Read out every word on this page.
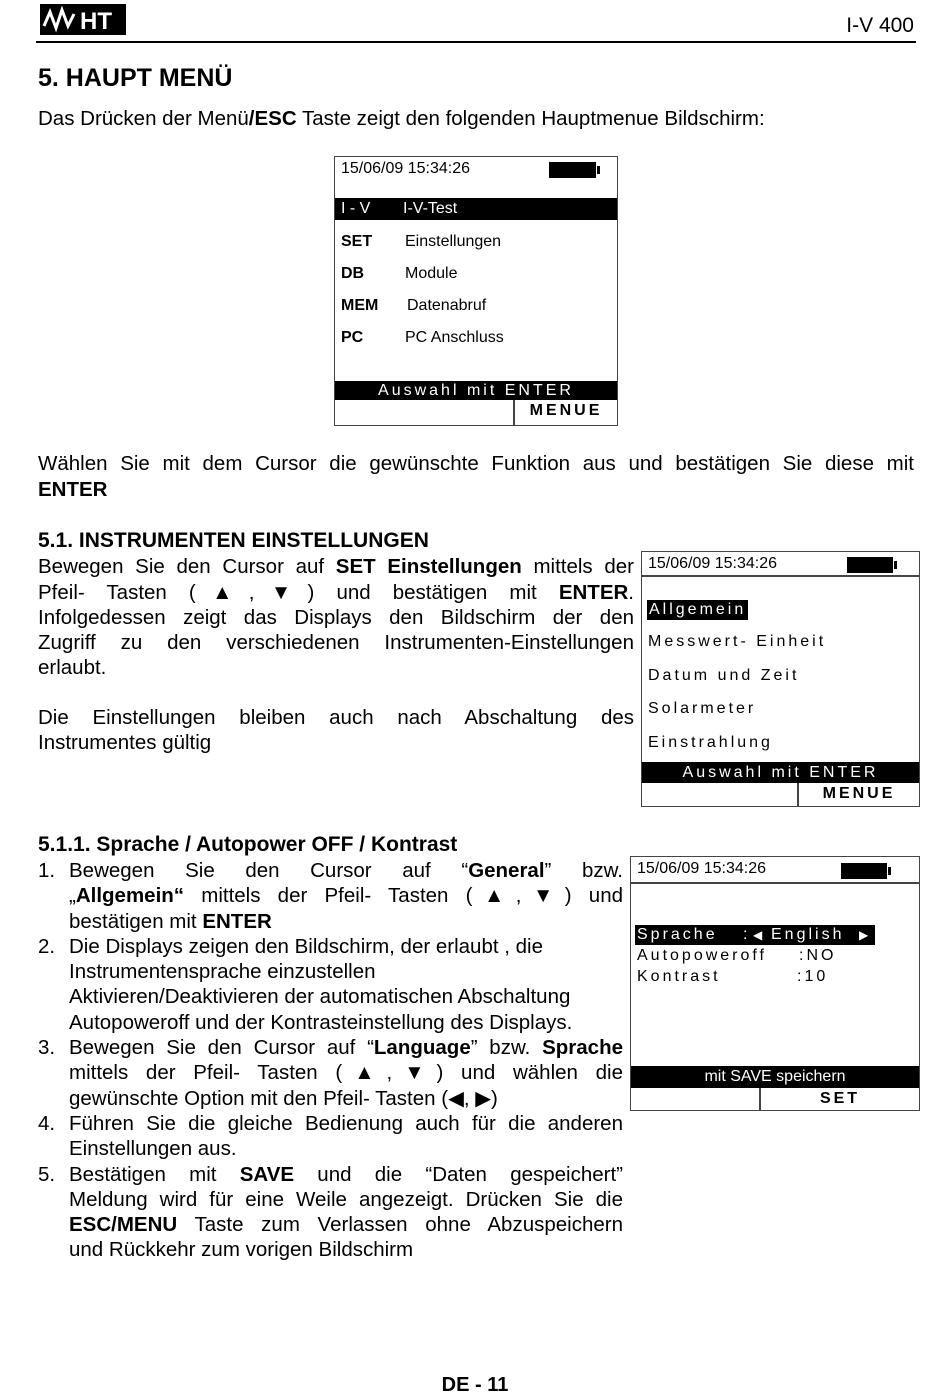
HT	I-V 400
5. HAUPT MENÜ
Das Drücken der Menü/ESC Taste zeigt den folgenden Hauptmenue Bildschirm:
15/06/09 15:34:26
I - V I-V-Test
SET Einstellungen
DB	Module
MEM Datenabruf
PC	PC Anschluss
Auswahl mit ENTER
MENUE
Wählen Sie mit dem Cursor die gewünschte Funktion aus und bestätigen Sie diese mit
ENTER
5.1. INSTRUMENTEN EINSTELLUNGEN
Bewegen Sie den Cursor auf SET Einstellungen mittels der
Pfeil- Tasten (▲,▼) und bestätigen mit ENTER.
Infolgedessen zeigt das Displays den Bildschirm der den
Zugriff zu den verschiedenen Instrumenten-Einstellungen
erlaubt.
Die Einstellungen bleiben auch nach Abschaltung des
Instrumentes gültig
15/06/09 15:34:26
Allgemein
Messwert- Einheit
Datum und Zeit
Solarmeter
Einstrahlung
Auswahl mit ENTER
MENUE
5.1.1. Sprache / Autopower OFF / Kontrast
1. Bewegen Sie den Cursor auf “General” bzw.
„Allgemein“ mittels der Pfeil- Tasten (▲,▼) und
bestätigen mit ENTER
2. Die Displays zeigen den Bildschirm, der erlaubt , die
Instrumentensprache einzustellen
Aktivieren/Deaktivieren der automatischen Abschaltung
Autopoweroff und der Kontrasteinstellung des Displays.
3. Bewegen Sie den Cursor auf “Language” bzw. Sprache
mittels der Pfeil- Tasten (▲,▼) und wählen die
gewünschte Option mit den Pfeil- Tasten (◀, ▶)
4. Führen Sie die gleiche Bedienung auch für die anderen
Einstellungen aus.
5. Bestätigen mit SAVE und die “Daten gespeichert”
Meldung wird für eine Weile angezeigt. Drücken Sie die
ESC/MENU Taste zum Verlassen ohne Abzuspeichern
und Rückkehr zum vorigen Bildschirm
15/06/09 15:34:26
Sprache : ◀ English ▶
Autopoweroff :NO
Kontrast	:10
mit SAVE speichern
SET
DE - 11
